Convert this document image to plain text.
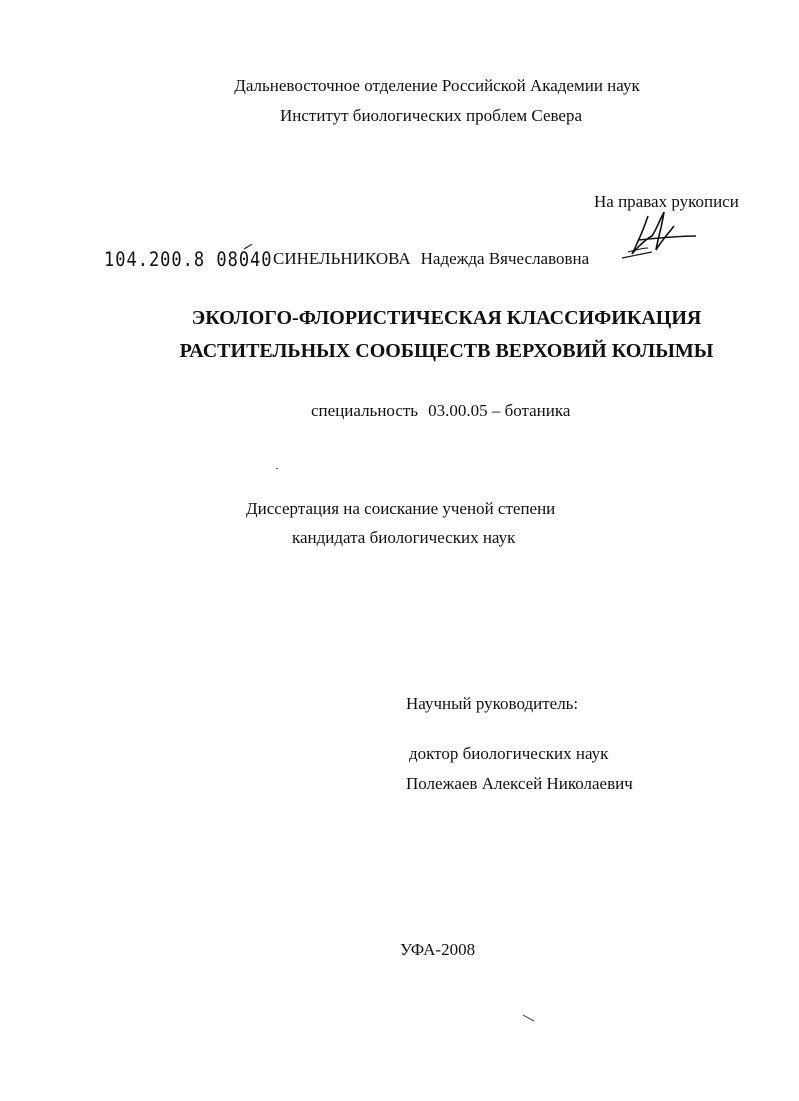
Дальневосточное отделение Российской Академии наук
Институт биологических проблем Севера
На правах рукописи
104.200.8 08040 СИНЕЛЬНИКОВА Надежда Вячеславовна
ЭКОЛОГО-ФЛОРИСТИЧЕСКАЯ КЛАССИФИКАЦИЯ
РАСТИТЕЛЬНЫХ СООБЩЕСТВ ВЕРХОВИЙ КОЛЫМЫ
специальность 03.00.05 – ботаника
Диссертация на соискание ученой степени
кандидата биологических наук
Научный руководитель:
доктор биологических наук
Полежаев Алексей Николаевич
УФА-2008
